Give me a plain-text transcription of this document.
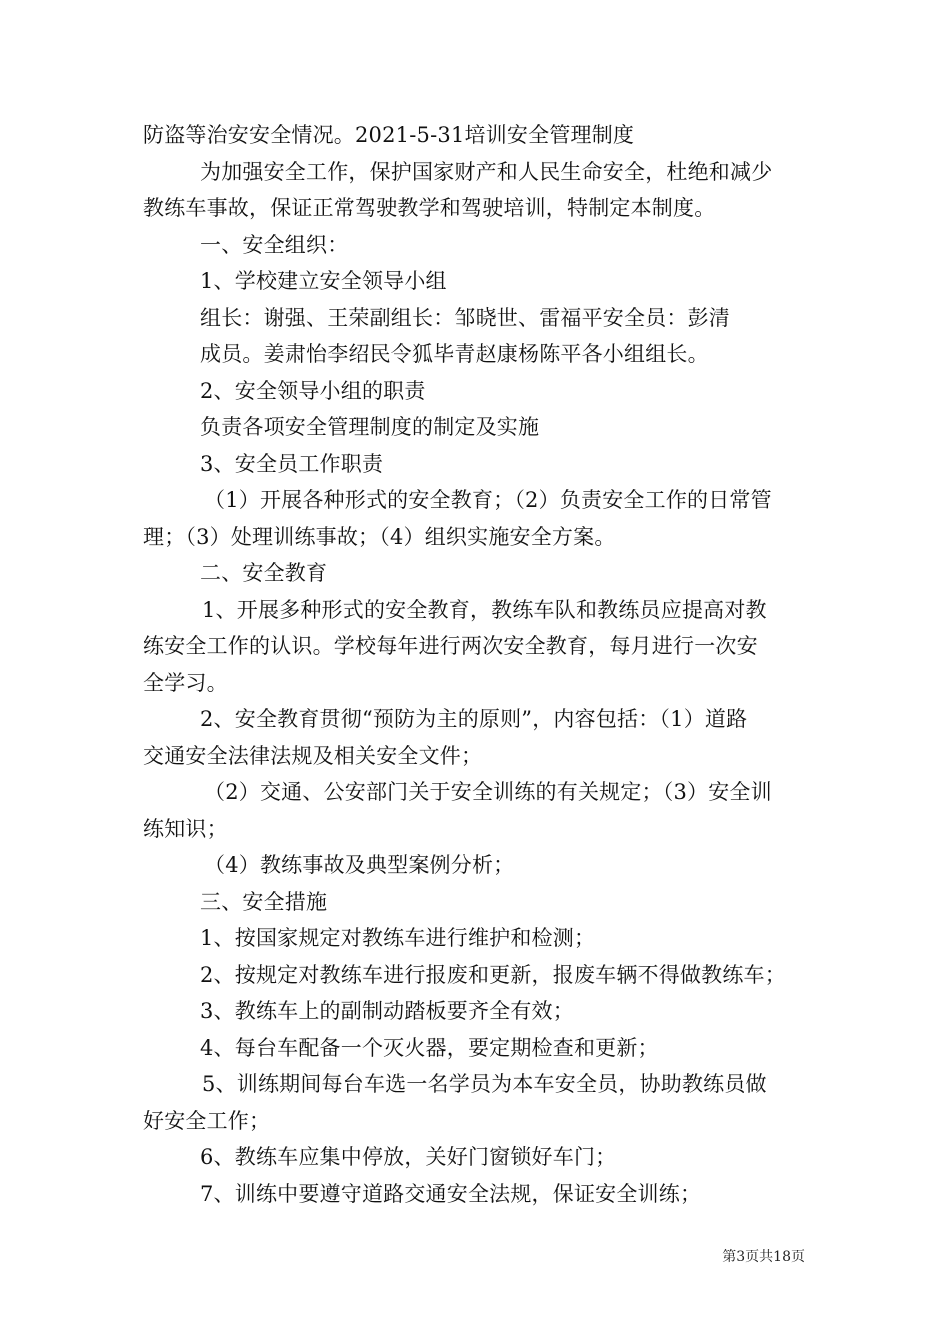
防盗等治安安全情况。2021-5-31培训安全管理制度
为加强安全工作，保护国家财产和人民生命安全，杜绝和减少
教练车事故，保证正常驾驶教学和驾驶培训，特制定本制度。
一、安全组织：
1、学校建立安全领导小组
组长：谢强、王荣副组长：邹晓世、雷福平安全员：彭清
成员。姜肃怡李绍民令狐毕青赵康杨陈平各小组组长。
2、安全领导小组的职责
负责各项安全管理制度的制定及实施
3、安全员工作职责
（1）开展各种形式的安全教育；（2）负责安全工作的日常管
理；（3）处理训练事故；（4）组织实施安全方案。
二、安全教育
1、开展多种形式的安全教育，教练车队和教练员应提高对教
练安全工作的认识。学校每年进行两次安全教育，每月进行一次安
全学习。
2、安全教育贯彻“预防为主的原则”，内容包括：（1）道路
交通安全法律法规及相关安全文件；
（2）交通、公安部门关于安全训练的有关规定；（3）安全训
练知识；
（4）教练事故及典型案例分析；
三、安全措施
1、按国家规定对教练车进行维护和检测；
2、按规定对教练车进行报废和更新，报废车辆不得做教练车；
3、教练车上的副制动踏板要齐全有效；
4、每台车配备一个灭火器，要定期检查和更新；
5、训练期间每台车选一名学员为本车安全员，协助教练员做
好安全工作；
6、教练车应集中停放，关好门窗锁好车门；
7、训练中要遵守道路交通安全法规，保证安全训练；
第3页共18页
